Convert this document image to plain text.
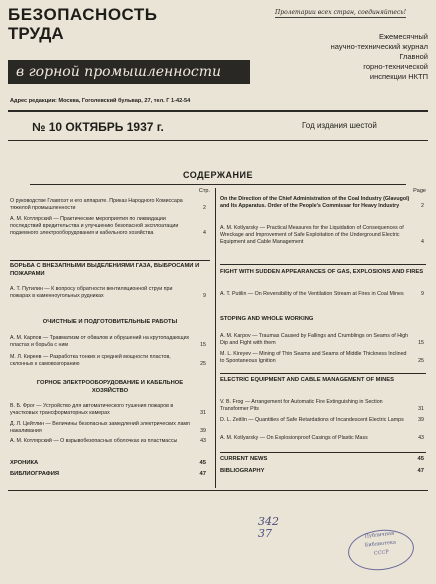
БЕЗОПАСНОСТЬ
ТРУДА
Пролетарии всех стран, соединяйтесь!
в горной промышленности
Ежемесячный
научно-технический журнал
Главной
горно-технической
инспекции НКТП
Адрес редакции: Москва, Гоголевский бульвар, 27, тел. Г 1-42-54
№ 10 ОКТЯБРЬ 1937 г.	Год издания шестой
СОДЕРЖАНИЕ
Стр.
О руководстве Главгоэт и его аппарате. Приказ Народного Комиссара тяжелой промышленности	2
А. М. Котлярский — Практические мероприятия по ликвидации последствий вредительства и улучшению безопасной эксплоатации подземного электрооборудования и кабельного хозяйства	4
БОРЬБА С ВНЕЗАПНЫМИ ВЫДЕЛЕНИЯМИ ГАЗА, ВЫБРОСАМИ И ПОЖАРАМИ
А. Т. Путилин — К вопросу обратности вентиляционной струи при пожарах в каменноугольных рудниках	9
ОЧИСТНЫЕ И ПОДГОТОВИТЕЛЬНЫЕ РАБОТЫ
А. М. Карпов — Травматизм от обвалов и обрушений на крутопадающих пластах и борьба с ним	15
М. Л. Киреев — Разработка тонких и средней мощности пластов, склонных к самовозгоранию	25
ГОРНОЕ ЭЛЕКТРООБОРУДОВАНИЕ И КАБЕЛЬНОЕ ХОЗЯЙСТВО
В. Б. Фрог — Устройство для автоматического тушения пожаров в участковых трансформаторных камерах	31
Д. Л. Цейтлин — Величины безопасных замедлений электрических ламп накаливания	39
А. М. Котлярский — О взрывобезопасных оболочках из пластмассы	43
ХРОНИКА	45
БИБЛИОГРАФИЯ	47
Page
On the Direction of the Chief Administration of the Coal Industry (Glavugol) and Its Apparatus. Order of the People's Commissar for Heavy Industry	2
A. M. Kotlyarsky — Practical Measures for the Liquidation of Consequences of Wreckage and Improvement of Safe Exploitation of the Underground Electric Equipment and Cable Management	4
FIGHT WITH SUDDEN APPEARANCES OF GAS, EXPLOSIONS AND FIRES
A. T. Putilin — On Reversibility of the Ventilation Stream at Fires in Coal Mines	9
STOPING AND WHOLE WORKING
A. M. Karpov — Traumas Caused by Fallings and Crumblings on Seams of High Dip and Fight with them	15
M. L. Kireyev — Mining of Thin Seams and Seams of Middle Thickness Inclined to Spontaneous Ignition	25
ELECTRIC EQUIPMENT AND CABLE MANAGEMENT OF MINES
V. B. Frog — Arrangement for Automatic Fire Extinguishing in Section Transformer Pits	31
D. L. Zeitlin — Quantities of Safe Retardations of Incandescent Electric Lamps	39
A. M. Kotlyarsky — On Explosionproof Casings of Plastic Mass	43
CURRENT NEWS	45
BIBLIOGRAPHY	47
342
37	Публичная
Библиотека
СССР
